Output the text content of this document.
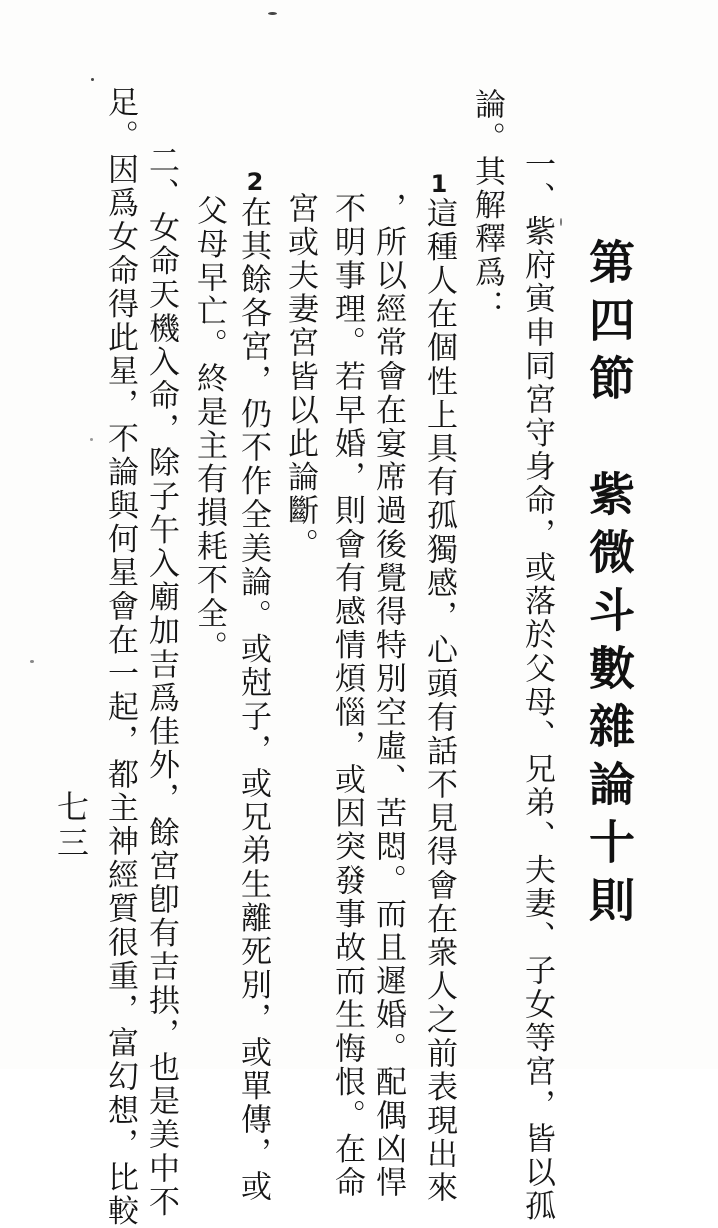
第四節　紫微斗數雜論十則
一、紫府寅申同宮守身命，或落於父母、兄弟、夫妻、子女等宮，皆以孤
論。其解釋爲：
1
這種人在個性上具有孤獨感，心頭有話不見得會在衆人之前表現出來
，所以經常會在宴席過後覺得特別空虛、苦悶。而且遲婚。配偶凶悍
不明事理。若早婚，則會有感情煩惱，或因突發事故而生悔恨。在命
宮或夫妻宮皆以此論斷。
2
在其餘各宮，仍不作全美論。或尅子，或兄弟生離死別，或單傳，或
父母早亡。終是主有損耗不全。
二、女命天機入命，除子午入廟加吉爲佳外，餘宮卽有吉拱，也是美中不
足。因爲女命得此星，不論與何星會在一起，都主神經質很重，富幻想，比較
七三
